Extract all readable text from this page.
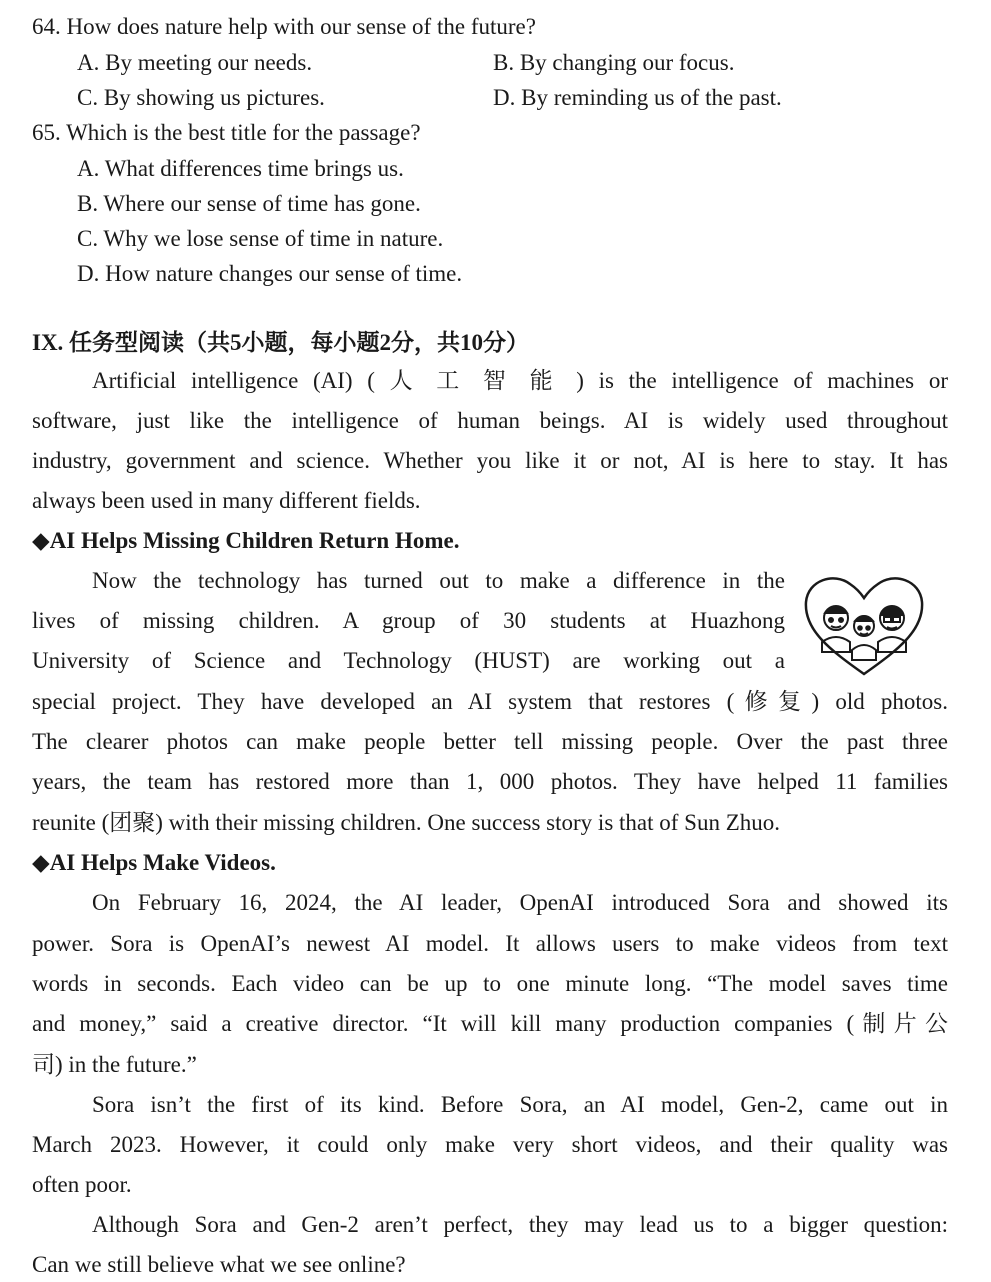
64. How does nature help with our sense of the future?
A. By meeting our needs.	B. By changing our focus.
C. By showing us pictures.	D. By reminding us of the past.
65. Which is the best title for the passage?
A. What differences time brings us.
B. Where our sense of time has gone.
C. Why we lose sense of time in nature.
D. How nature changes our sense of time.
IX. 任务型阅读（共5小题，每小题2分，共10分）
Artificial intelligence (AI) ( 人 工 智 能 ) is the intelligence of machines or
software, just like the intelligence of human beings. AI is widely used throughout
industry, government and science. Whether you like it or not, AI is here to stay. It has
always been used in many different fields.
◆AI Helps Missing Children Return Home.
Now the technology has turned out to make a difference in the
lives of missing children. A group of 30 students at Huazhong
University of Science and Technology (HUST) are working out a
special project. They have developed an AI system that restores (修复) old photos.
The clearer photos can make people better tell missing people. Over the past three
years, the team has restored more than 1, 000 photos. They have helped 11 families
reunite (团聚) with their missing children. One success story is that of Sun Zhuo.
◆AI Helps Make Videos.
On February 16, 2024, the AI leader, OpenAI introduced Sora and showed its
power. Sora is OpenAI’s newest AI model. It allows users to make videos from text
words in seconds. Each video can be up to one minute long. “The model saves time
and money,” said a creative director. “It will kill many production companies (制片公
司) in the future.”
Sora isn’t the first of its kind. Before Sora, an AI model, Gen-2, came out in
March 2023. However, it could only make very short videos, and their quality was
often poor.
Although Sora and Gen-2 aren’t perfect, they may lead us to a bigger question:
Can we still believe what we see online?
